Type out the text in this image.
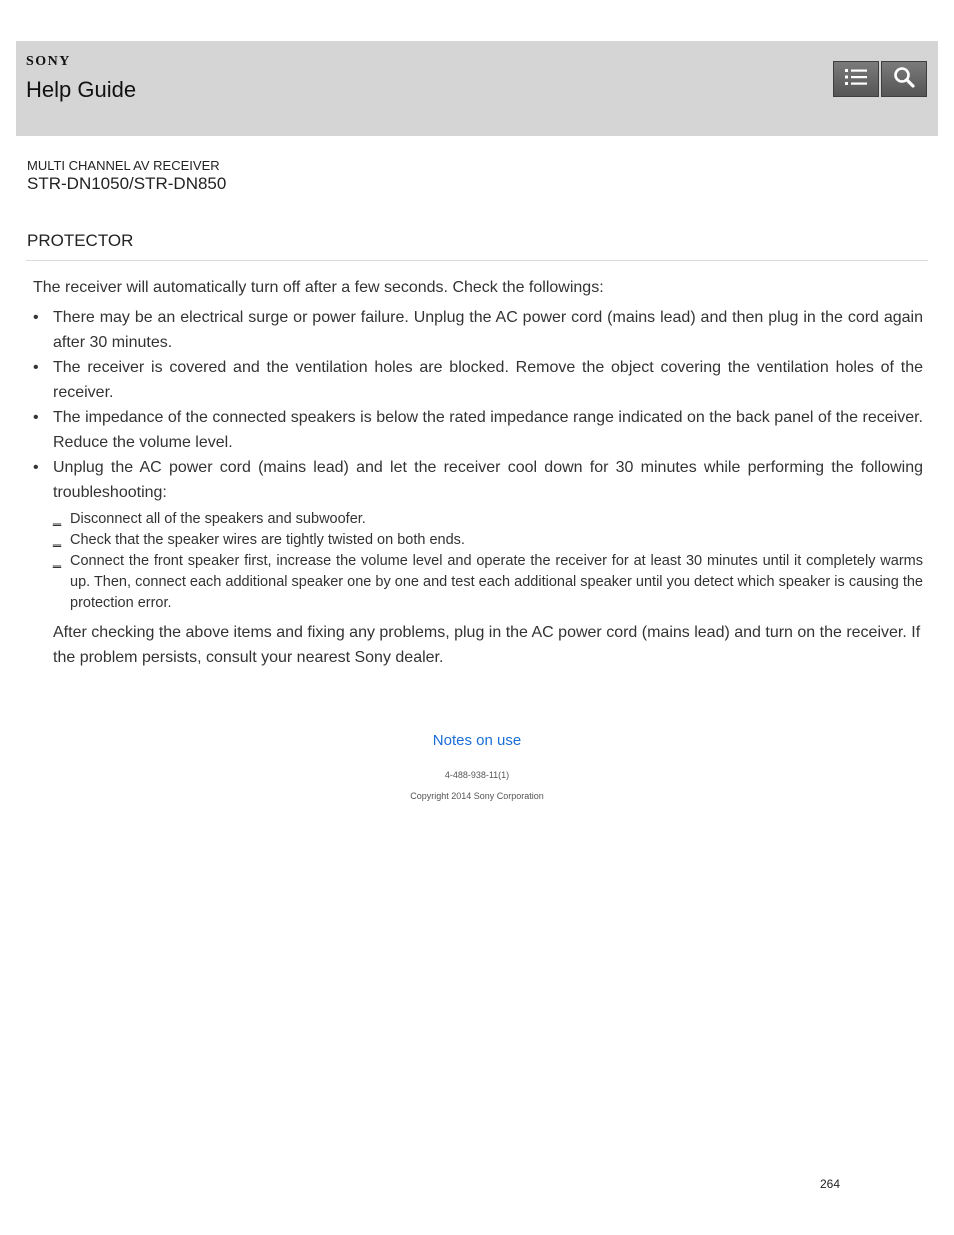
SONY
Help Guide
MULTI CHANNEL AV RECEIVER
STR-DN1050/STR-DN850
PROTECTOR

The receiver will automatically turn off after a few seconds. Check the followings:

• There may be an electrical surge or power failure. Unplug the AC power cord (mains lead) and then plug in the cord again after 30 minutes.
• The receiver is covered and the ventilation holes are blocked. Remove the object covering the ventilation holes of the receiver.
• The impedance of the connected speakers is below the rated impedance range indicated on the back panel of the receiver. Reduce the volume level.
• Unplug the AC power cord (mains lead) and let the receiver cool down for 30 minutes while performing the following troubleshooting:
‗ Disconnect all of the speakers and subwoofer.
‗ Check that the speaker wires are tightly twisted on both ends.
‗ Connect the front speaker first, increase the volume level and operate the receiver for at least 30 minutes until it completely warms up. Then, connect each additional speaker one by one and test each additional speaker until you detect which speaker is causing the protection error.

After checking the above items and fixing any problems, plug in the AC power cord (mains lead) and turn on the receiver. If the problem persists, consult your nearest Sony dealer.

Notes on use
4-488-938-11(1)
Copyright 2014 Sony Corporation
264
